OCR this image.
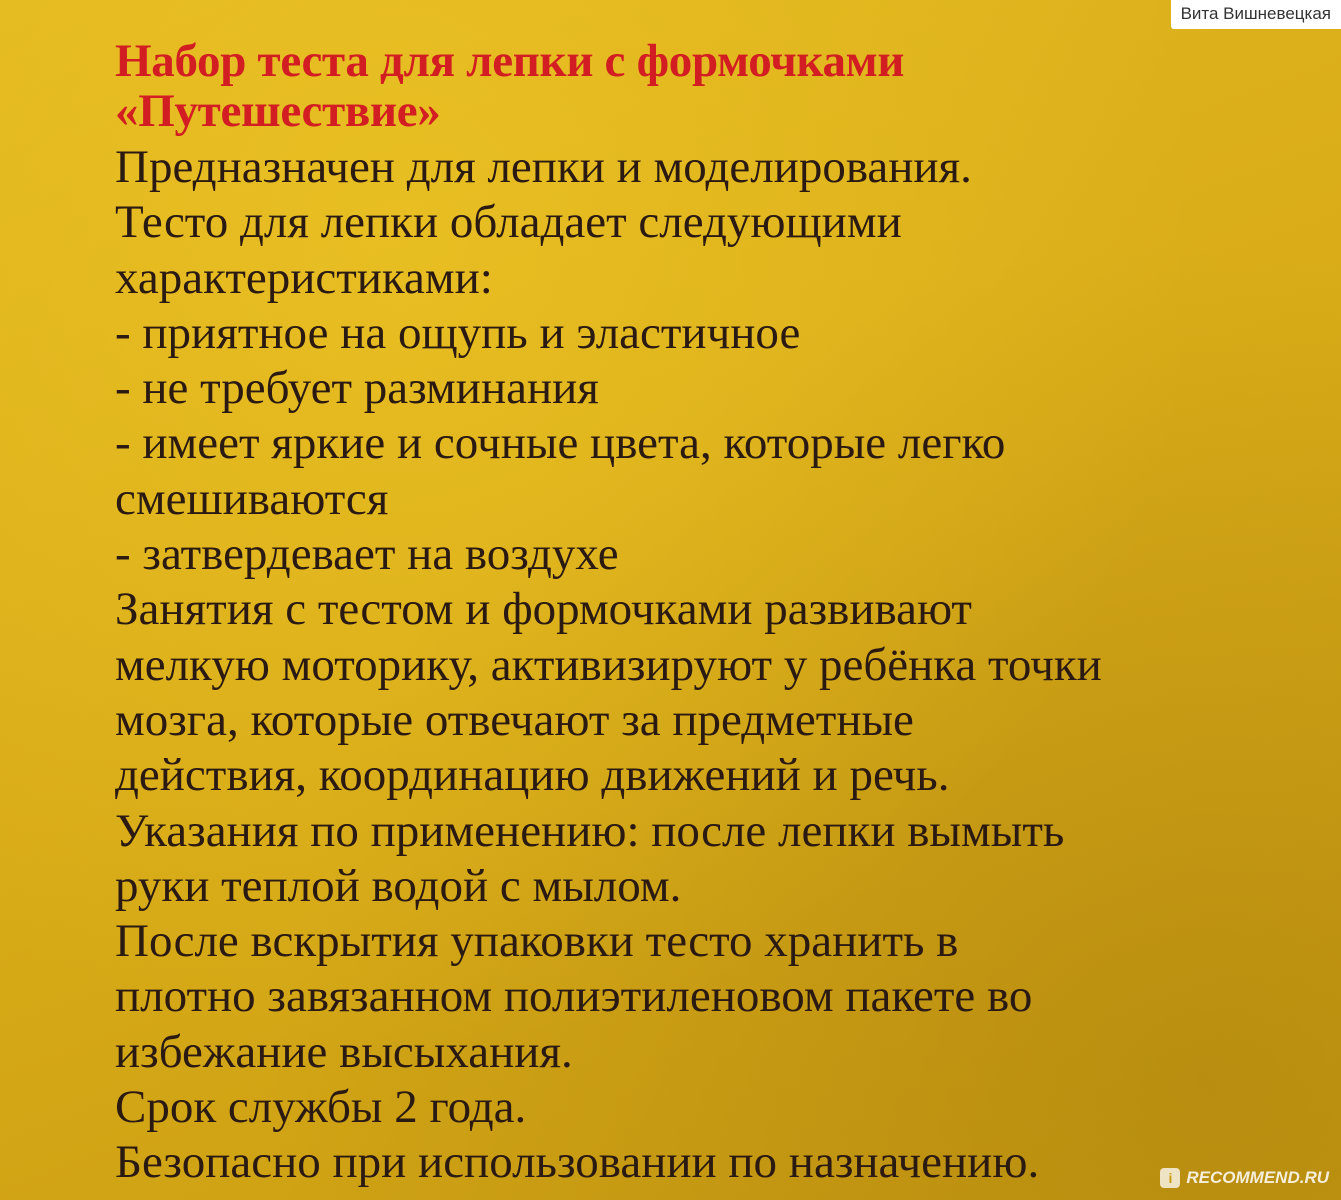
Вита Вишневецкая
Набор теста для лепки с формочками
«Путешествие»
Предназначен для лепки и моделирования.
Тесто для лепки обладает следующими
характеристиками:
- приятное на ощупь и эластичное
- не требует разминания
- имеет яркие и сочные цвета, которые легко
смешиваются
- затвердевает на воздухе
Занятия с тестом и формочками развивают
мелкую моторику, активизируют у ребёнка точки
мозга, которые отвечают за предметные
действия, координацию движений и речь.
Указания по применению: после лепки вымыть
руки теплой водой с мылом.
После вскрытия упаковки тесто хранить в
плотно завязанном полиэтиленовом пакете во
избежание высыхания.
Срок службы 2 года.
Безопасно при использовании по назначению.	i RECOMMEND.RU
